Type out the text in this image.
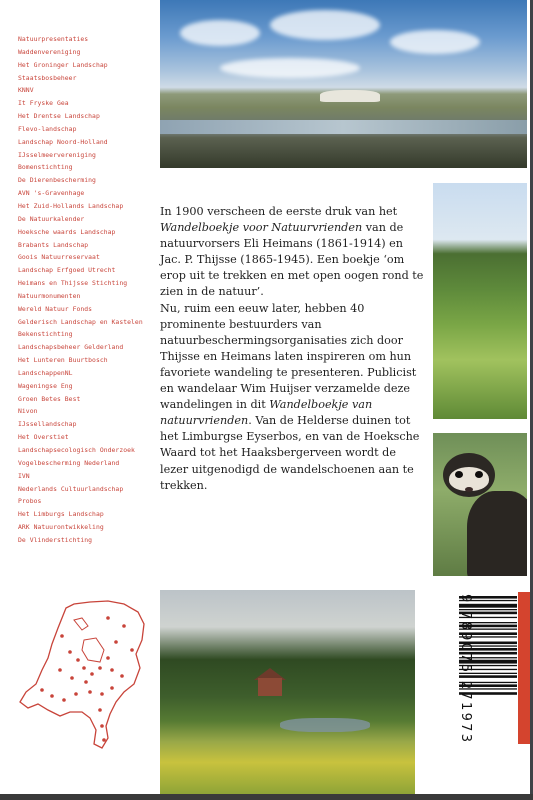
Natuurpresentaties
Waddenvereniging
Het Groninger Landschap
Staatsbosbeheer
KNNV
It Fryske Gea
Het Drentse Landschap
Flevo-landschap
Landschap Noord-Holland
IJsselmeervereniging
Bomenstichting
De Dierenbescherming
AVN 's-Gravenhage
Het Zuid-Hollands Landschap
De Natuurkalender
Hoeksche waards Landschap
Brabants Landschap
Goois Natuurreservaat
Landschap Erfgoed Utrecht
Heimans en Thijsse Stichting
Natuurmonumenten
Wereld Natuur Fonds
Gelderisch Landschap en Kastelen
Bekenstichting
Landschapsbeheer Gelderland
Het Lunteren Buurtbosch
LandschappenNL
Wageningse Eng
Groen Betes Best
Nivon
IJssellandschap
Het Overstiet
Landschapsecologisch Onderzoek
Vogelbescherming Nederland
IVN
Nederlands Cultuurlandschap
Probos
Het Limburgs Landschap
ARK Natuurontwikkeling
De Vlinderstichting

In 1900 verscheen de eerste druk van het Wandelboekje voor Natuurvrienden van de natuurvorsers Eli Heimans (1861-1914) en Jac. P. Thijsse (1865-1945). Een boekje ‘om erop uit te trekken en met open oogen rond te zien in de natuur’.

Nu, ruim een eeuw later, hebben 40 prominente bestuurders van natuurbeschermingsorganisaties zich door Thijsse en Heimans laten inspireren om hun favoriete wandeling te presenteren. Publicist en wandelaar Wim Huijser verzamelde deze wandelingen in dit Wandelboekje van natuurvrienden. Van de Helderse duinen tot het Limburgse Eyserbos, en van de Hoeksche Waard tot het Haaksbergerveen wordt de lezer uitgenodigd de wandelschoenen aan te trekken.

9 789075 271973
